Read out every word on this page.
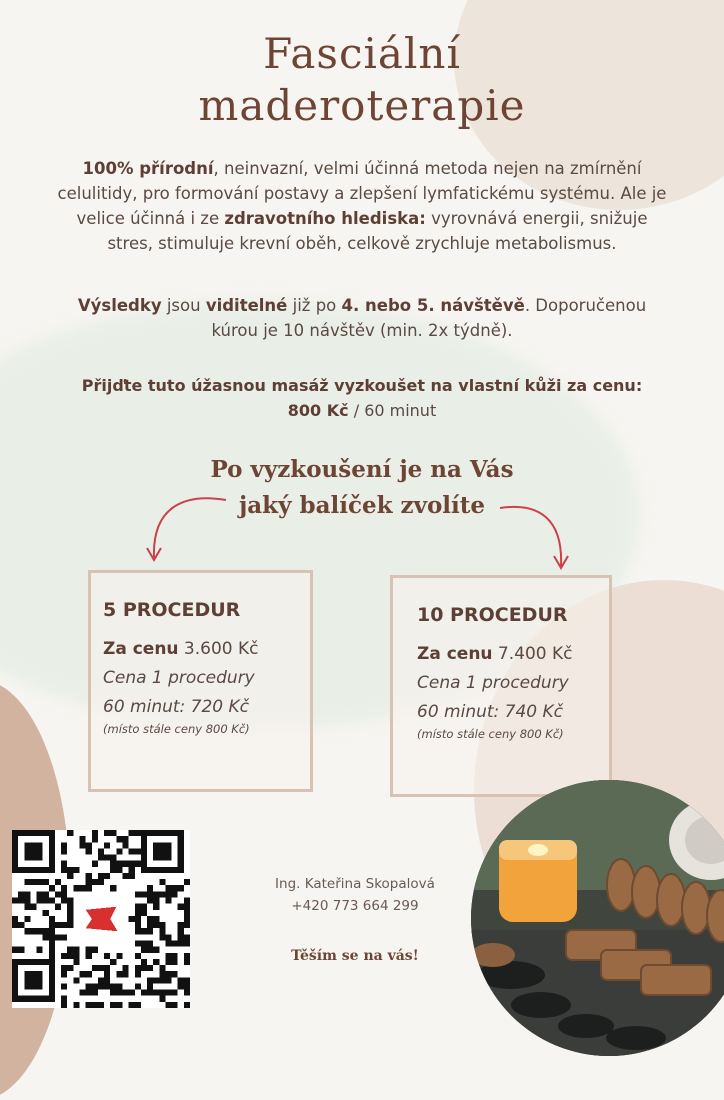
Fasciální
maderoterapie

100% přírodní, neinvazní, velmi účinná metoda nejen na zmírnění celulitidy, pro formování postavy a zlepšení lymfatickému systému. Ale je velice účinná i ze zdravotního hlediska: vyrovnává energii, snižuje stres, stimuluje krevní oběh, celkově zrychluje metabolismus.

Výsledky jsou viditelné již po 4. nebo 5. návštěvě. Doporučenou kúrou je 10 návštěv (min. 2x týdně).

Přijďte tuto úžasnou masáž vyzkoušet na vlastní kůži za cenu:
800 Kč / 60 minut

Po vyzkoušení je na Vás
jaký balíček zvolíte

5 PROCEDUR

Za cenu 3.600 Kč

Cena 1 procedury

60 minut: 720 Kč

(místo stále ceny 800 Kč)

10 PROCEDUR

Za cenu 7.400 Kč

Cena 1 procedury

60 minut: 740 Kč

(místo stále ceny 800 Kč)

Ing. Kateřina Skopalová
+420 773 664 299
Těším se na vás!
